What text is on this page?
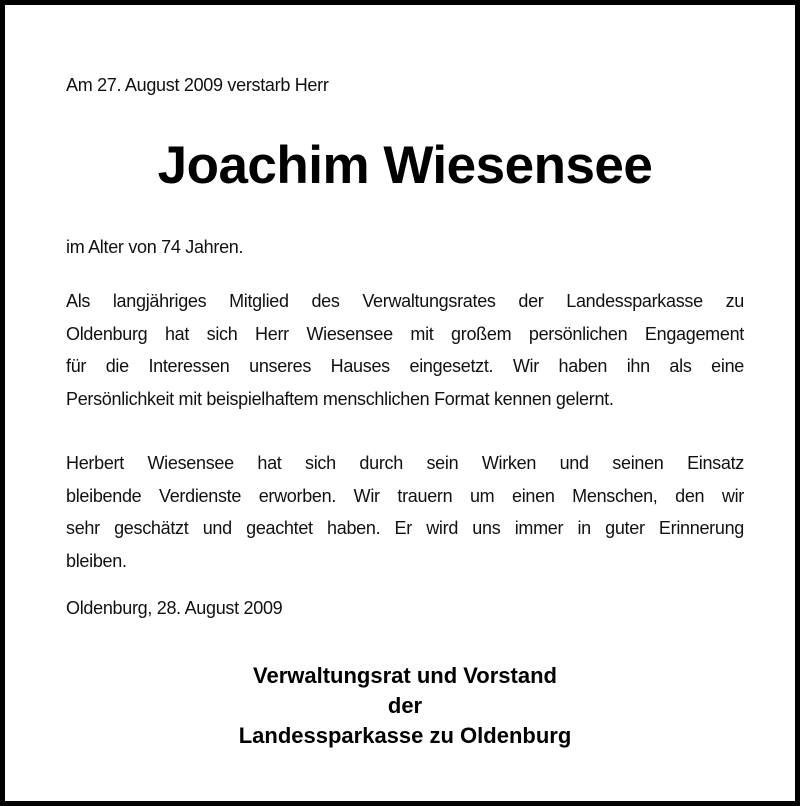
Am 27. August 2009 verstarb Herr
Joachim Wiesensee
im Alter von 74 Jahren.
Als langjähriges Mitglied des Verwaltungsrates der Landessparkasse zu
Oldenburg hat sich Herr Wiesensee mit großem persönlichen Engagement
für die Interessen unseres Hauses eingesetzt. Wir haben ihn als eine
Persönlichkeit mit beispielhaftem menschlichen Format kennen gelernt.
Herbert Wiesensee hat sich durch sein Wirken und seinen Einsatz
bleibende Verdienste erworben. Wir trauern um einen Menschen, den wir
sehr geschätzt und geachtet haben. Er wird uns immer in guter Erinnerung
bleiben.
Oldenburg, 28. August 2009
Verwaltungsrat und Vorstand
der
Landessparkasse zu Oldenburg
